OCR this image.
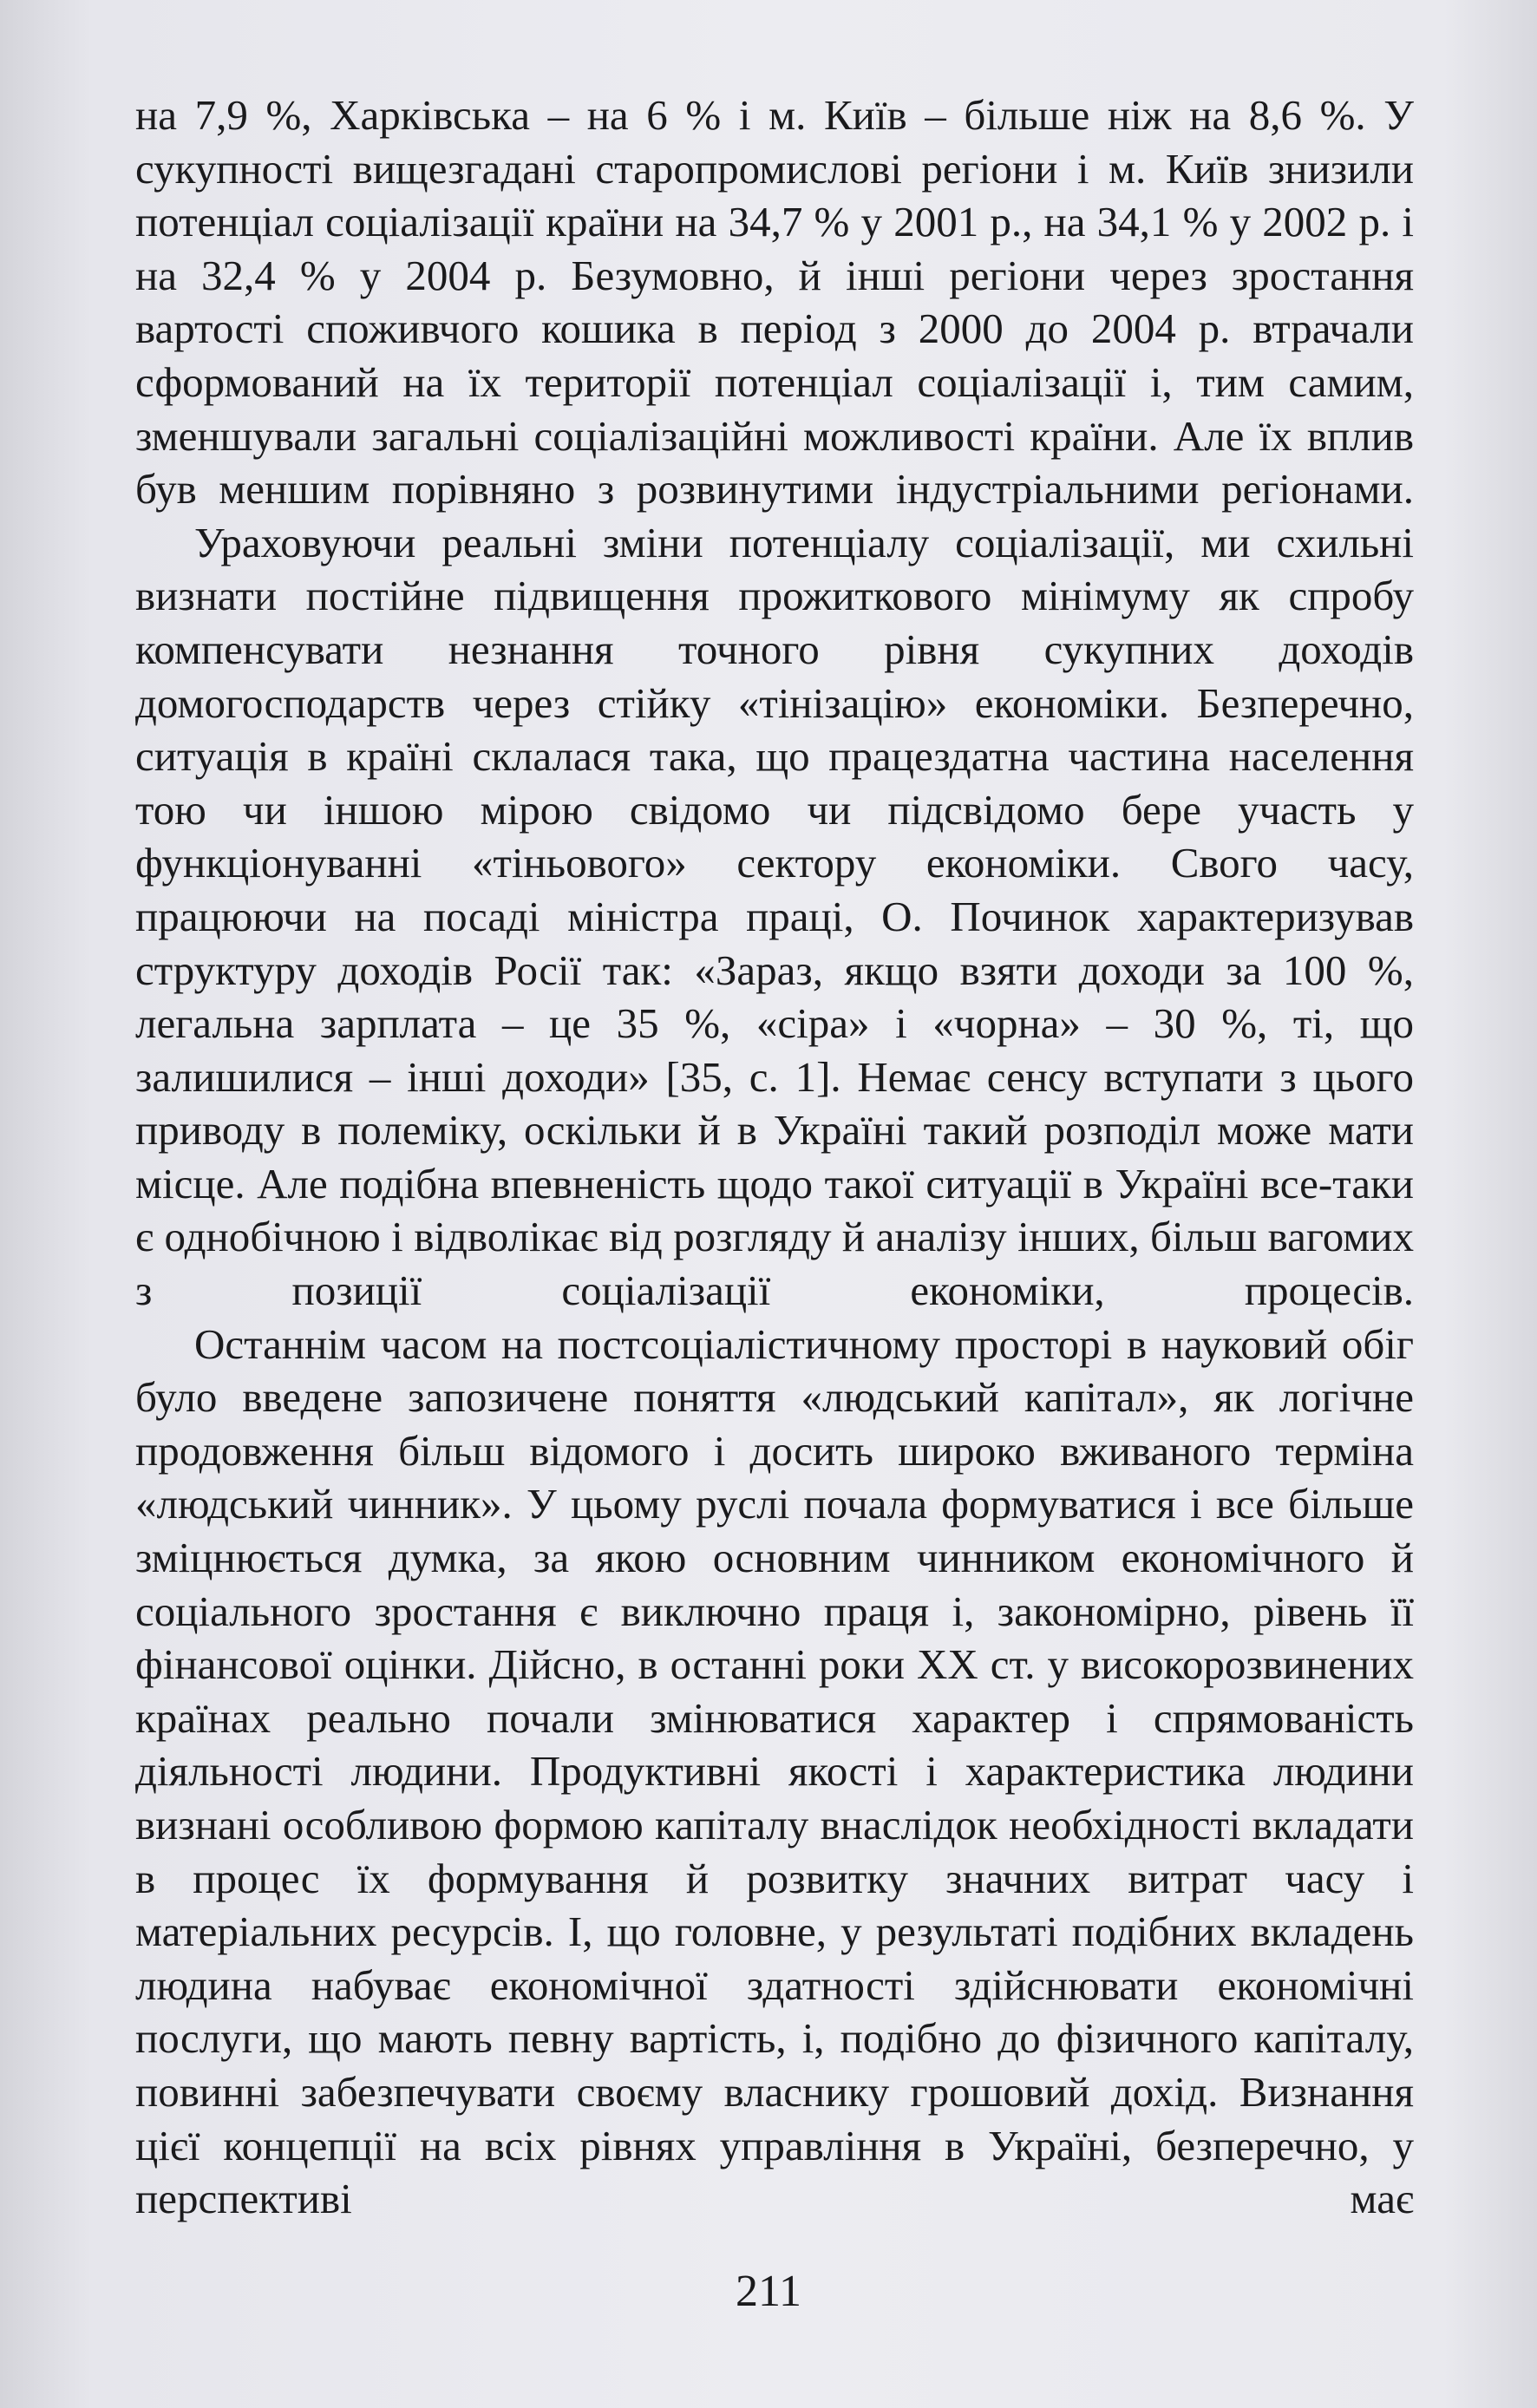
на 7,9 %, Харківська – на 6 % і м. Київ – більше ніж на 8,6 %. У сукупності вищезгадані старопромислові регіони і м. Київ знизили потенціал соціалізації країни на 34,7 % у 2001 р., на 34,1 % у 2002 р. і на 32,4 % у 2004 р. Безумовно, й інші регіони через зростання вартості споживчого кошика в період з 2000 до 2004 р. втрачали сформований на їх території потенціал соціалізації і, тим самим, зменшували загальні соціалізаційні можливості країни. Але їх вплив був меншим порівняно з розвинутими індустріальними регіонами.

Ураховуючи реальні зміни потенціалу соціалізації, ми схильні визнати постійне підвищення прожиткового мінімуму як спробу компенсувати незнання точного рівня сукупних доходів домогосподарств через стійку «тінізацію» економіки. Безперечно, ситуація в країні склалася така, що працездатна частина населення тою чи іншою мірою свідомо чи підсвідомо бере участь у функціонуванні «тіньового» сектору економіки. Свого часу, працюючи на посаді міністра праці, О. Починок характеризував структуру доходів Росії так: «Зараз, якщо взяти доходи за 100 %, легальна зарплата – це 35 %, «сіра» і «чорна» – 30 %, ті, що залишилися – інші доходи» [35, с. 1]. Немає сенсу вступати з цього приводу в полеміку, оскільки й в Україні такий розподіл може мати місце. Але подібна впевненість щодо такої ситуації в Україні все-таки є однобічною і відволікає від розгляду й аналізу інших, більш вагомих з позиції соціалізації економіки, процесів.

Останнім часом на постсоціалістичному просторі в науковий обіг було введене запозичене поняття «людський капітал», як логічне продовження більш відомого і досить широко вживаного терміна «людський чинник». У цьому руслі почала формуватися і все більше зміцнюється думка, за якою основним чинником економічного й соціального зростання є виключно праця і, закономірно, рівень її фінансової оцінки. Дійсно, в останні роки XX ст. у високорозвинених країнах реально почали змінюватися характер і спрямованість діяльності людини. Продуктивні якості і характеристика людини визнані особливою формою капіталу внаслідок необхідності вкладати в процес їх формування й розвитку значних витрат часу і матеріальних ресурсів. І, що головне, у результаті подібних вкладень людина набуває економічної здатності здійснювати економічні послуги, що мають певну вартість, і, подібно до фізичного капіталу, повинні забезпечувати своєму власнику грошовий дохід. Визнання цієї концепції на всіх рівнях управління в Україні, безперечно, у перспективі має

211
